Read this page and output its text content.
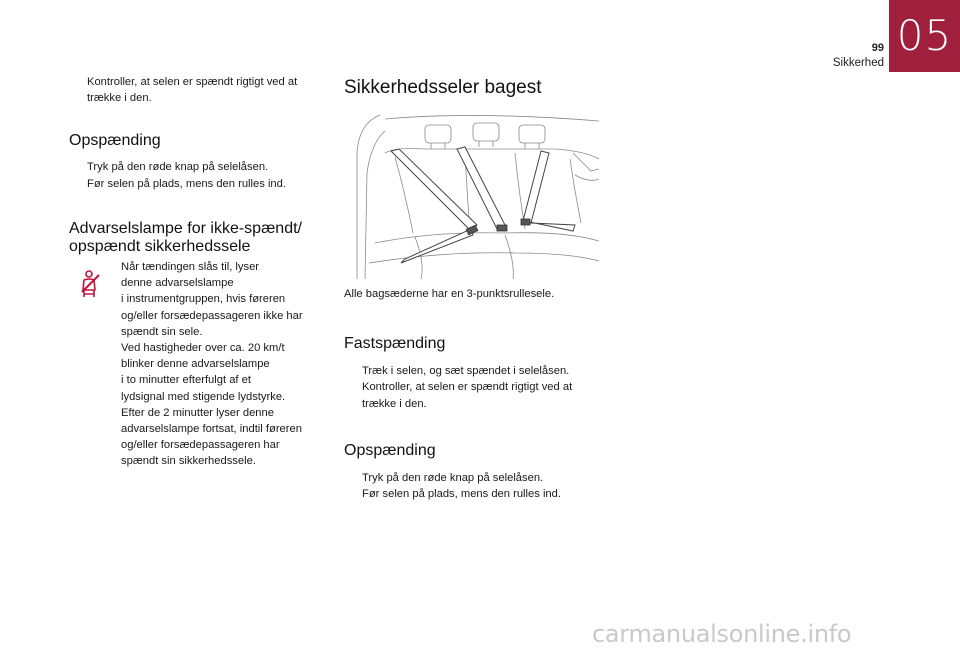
05
99
Sikkerhed
Kontroller, at selen er spændt rigtigt ved at trække i den.
Opspænding
Tryk på den røde knap på selelåsen.
Før selen på plads, mens den rulles ind.
Advarselslampe for ikke-spændt/ opspændt sikkerhedssele
Når tændingen slås til, lyser
denne advarselslampe
i instrumentgruppen, hvis føreren
og/eller forsædepassageren ikke har
spændt sin sele.
Ved hastigheder over ca. 20 km/t
blinker denne advarselslampe
i to minutter efterfulgt af et
lydsignal med stigende lydstyrke.
Efter de 2 minutter lyser denne
advarselslampe fortsat, indtil føreren
og/eller forsædepassageren har
spændt sin sikkerhedssele.
Sikkerhedsseler bagest

Alle bagsæderne har en 3-punktsrullesele.

Fastspænding
Træk i selen, og sæt spændet i selelåsen.
Kontroller, at selen er spændt rigtigt ved at trække i den.
Opspænding
Tryk på den røde knap på selelåsen.
Før selen på plads, mens den rulles ind.
carmanualsonline.info
